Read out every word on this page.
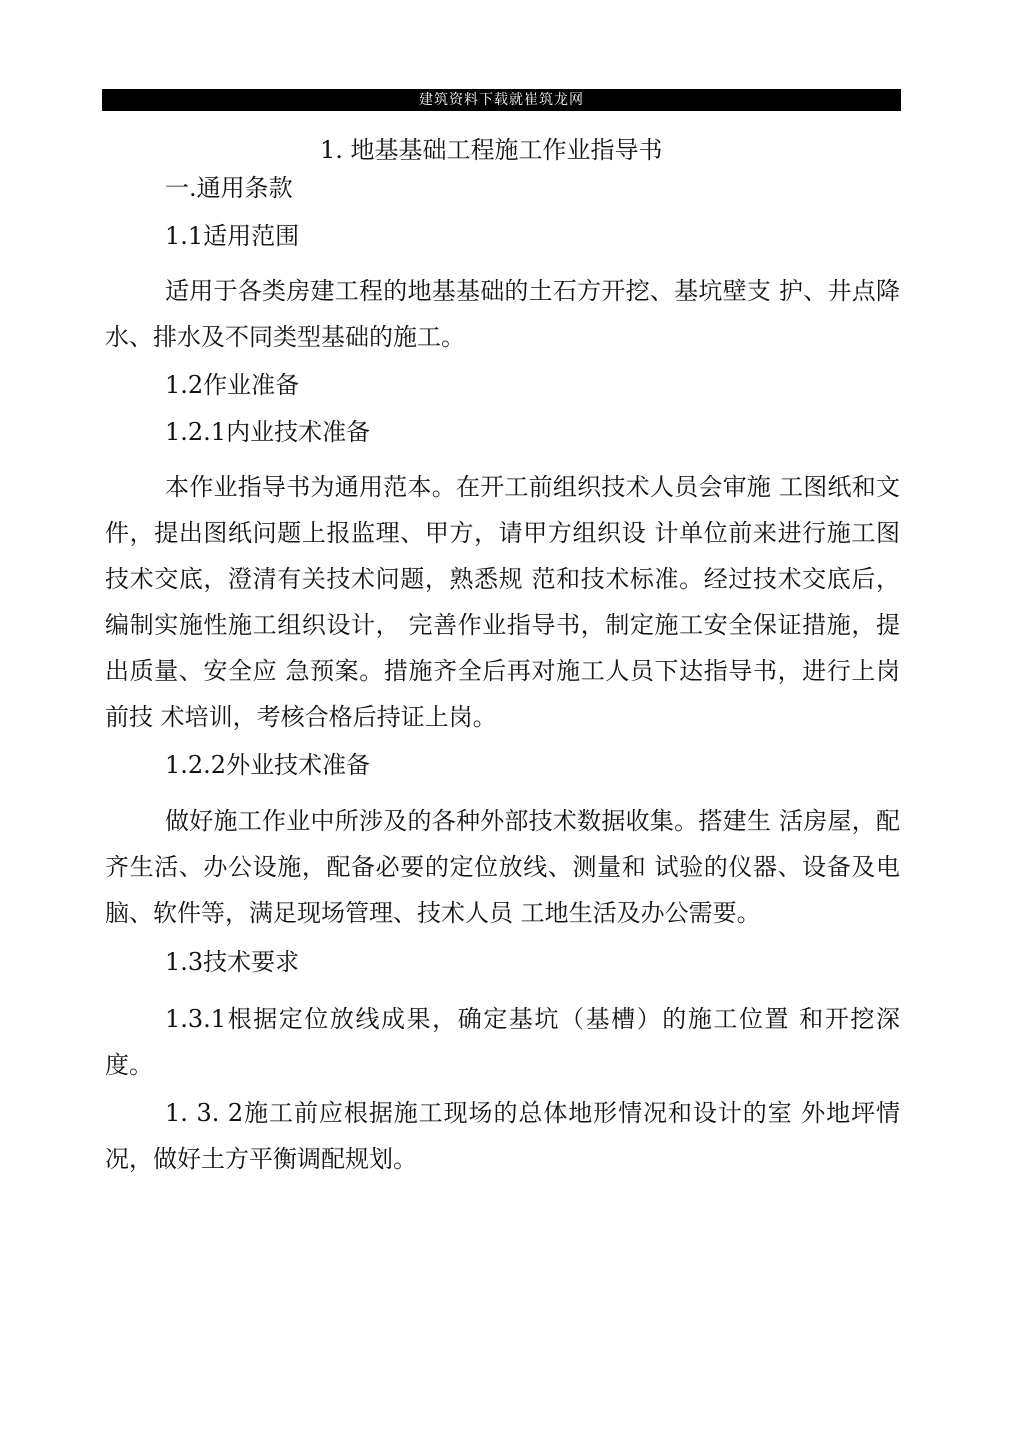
建筑资料下载就崔筑龙网
1. 地基基础工程施工作业指导书
一.通用条款
1.1适用范围

适用于各类房建工程的地基基础的土石方开挖、基坑壁支 护、井点降水、排水及不同类型基础的施工。

1.2作业准备
1.2.1内业技术准备

本作业指导书为通用范本。在开工前组织技术人员会审施 工图纸和文件，提出图纸问题上报监理、甲方，请甲方组织设 计单位前来进行施工图技术交底，澄清有关技术问题，熟悉规 范和技术标准。经过技术交底后，编制实施性施工组织设计， 完善作业指导书，制定施工安全保证措施，提出质量、安全应 急预案。措施齐全后再对施工人员下达指导书，进行上岗前技 术培训，考核合格后持证上岗。

1.2.2外业技术准备

做好施工作业中所涉及的各种外部技术数据收集。搭建生 活房屋，配齐生活、办公设施，配备必要的定位放线、测量和 试验的仪器、设备及电脑、软件等，满足现场管理、技术人员 工地生活及办公需要。

1.3技术要求

1.3.1根据定位放线成果，确定基坑（基槽）的施工位置 和开挖深度。

1. 3. 2施工前应根据施工现场的总体地形情况和设计的室 外地坪情况，做好土方平衡调配规划。
